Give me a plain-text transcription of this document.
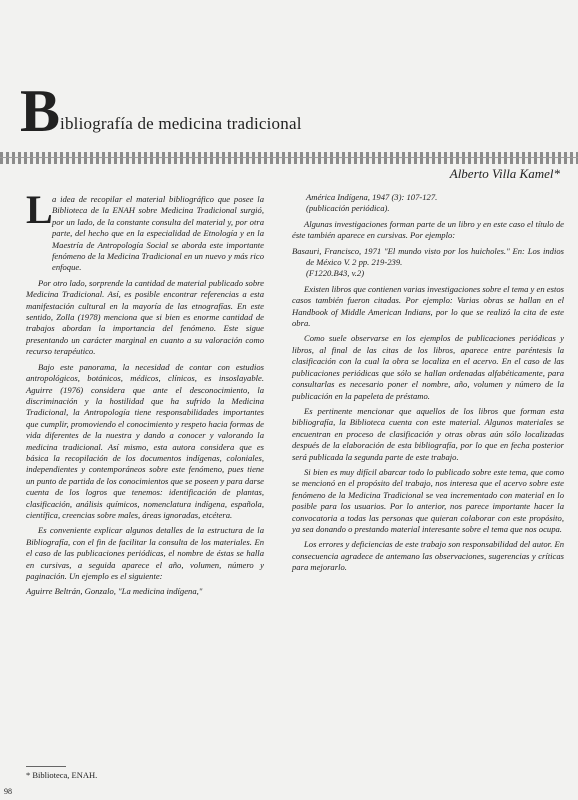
B ibliografía de medicina tradicional
Alberto Villa Kamel*

L a idea de recopilar el material bibliográfico que posee la Biblioteca de la ENAH sobre Medicina Tradicional surgió, por un lado, de la constante consulta del material y, por otra parte, del hecho que en la especialidad de Etnología y en la Maestría de Antropología Social se aborda este importante fenómeno de la Medicina Tradicional en un nuevo y más rico enfoque.

Por otro lado, sorprende la cantidad de material publicado sobre Medicina Tradicional. Así, es posible encontrar referencias a esta manifestación cultural en la mayoría de las etnografías. En este sentido, Zolla (1978) menciona que si bien es enorme cantidad de trabajos abordan la importancia del fenómeno. Este sigue presentando un carácter marginal en cuanto a su valoración como recurso terapéutico.

Bajo este panorama, la necesidad de contar con estudios antropológicos, botánicos, médicos, clínicos, es insoslayable. Aguirre (1976) considera que ante el desconocimiento, la discriminación y la hostilidad que ha sufrido la Medicina Tradicional, la Antropología tiene responsabilidades importantes que cumplir, promoviendo el conocimiento y respeto hacia formas de vida diferentes de la nuestra y dando a conocer y valorando la medicina tradicional. Así mismo, esta autora considera que es básica la recopilación de los documentos indígenas, coloniales, independientes y contemporáneos sobre este fenómeno, pues tiene un punto de partida de los conocimientos que se poseen y para darse cuenta de los logros que tenemos: identificación de plantas, clasificación, análisis químicos, nomenclatura indígena, española, científica, creencias sobre males, áreas ignoradas, etcétera.

Es conveniente explicar algunos detalles de la estructura de la Bibliografía, con el fin de facilitar la consulta de los materiales. En el caso de las publicaciones periódicas, el nombre de éstas se halla en cursivas, a seguida aparece el año, volumen, número y paginación. Un ejemplo es el siguiente:

Aguirre Beltrán, Gonzalo, "La medicina indígena,"

América Indígena, 1947 (3): 107-127.
(publicación periódica).

Algunas investigaciones forman parte de un libro y en este caso el título de éste también aparece en cursivas. Por ejemplo:

Basauri, Francisco, 1971 "El mundo visto por los huicholes." En: Los indios de México V. 2 pp. 219-239.
(F1220.B43, v.2)

Existen libros que contienen varias investigaciones sobre el tema y en estos casos también fueron citadas. Por ejemplo: Varias obras se hallan en el Handbook of Middle American Indians, por lo que se realizó la cita de este obra.

Como suele observarse en los ejemplos de publicaciones periódicas y libros, al final de las citas de los libros, aparece entre paréntesis la clasificación con la cual la obra se localiza en el acervo. En el caso de las publicaciones periódicas que sólo se hallan ordenadas alfabéticamente, para consultarlas es necesario poner el nombre, año, volumen y número de la publicación en la papeleta de préstamo.

Es pertinente mencionar que aquellos de los libros que forman esta bibliografía, la Biblioteca cuenta con este material. Algunos materiales se encuentran en proceso de clasificación y otras obras aún sólo localizadas después de la elaboración de esta bibliografía, por lo que en fecha posterior será publicada la segunda parte de este trabajo.

Si bien es muy difícil abarcar todo lo publicado sobre este tema, que como se mencionó en el propósito del trabajo, nos interesa que el acervo sobre este fenómeno de la Medicina Tradicional se vea incrementado con material en lo posible para los usuarios. Por lo anterior, nos parece importante hacer la convocatoria a todas las personas que quieran colaborar con este propósito, ya sea donando o prestando material interesante sobre el tema que nos ocupa.

Los errores y deficiencias de este trabajo son responsabilidad del autor. En consecuencia agradece de antemano las observaciones, sugerencias y críticas para mejorarlo.

* Biblioteca, ENAH.
98
